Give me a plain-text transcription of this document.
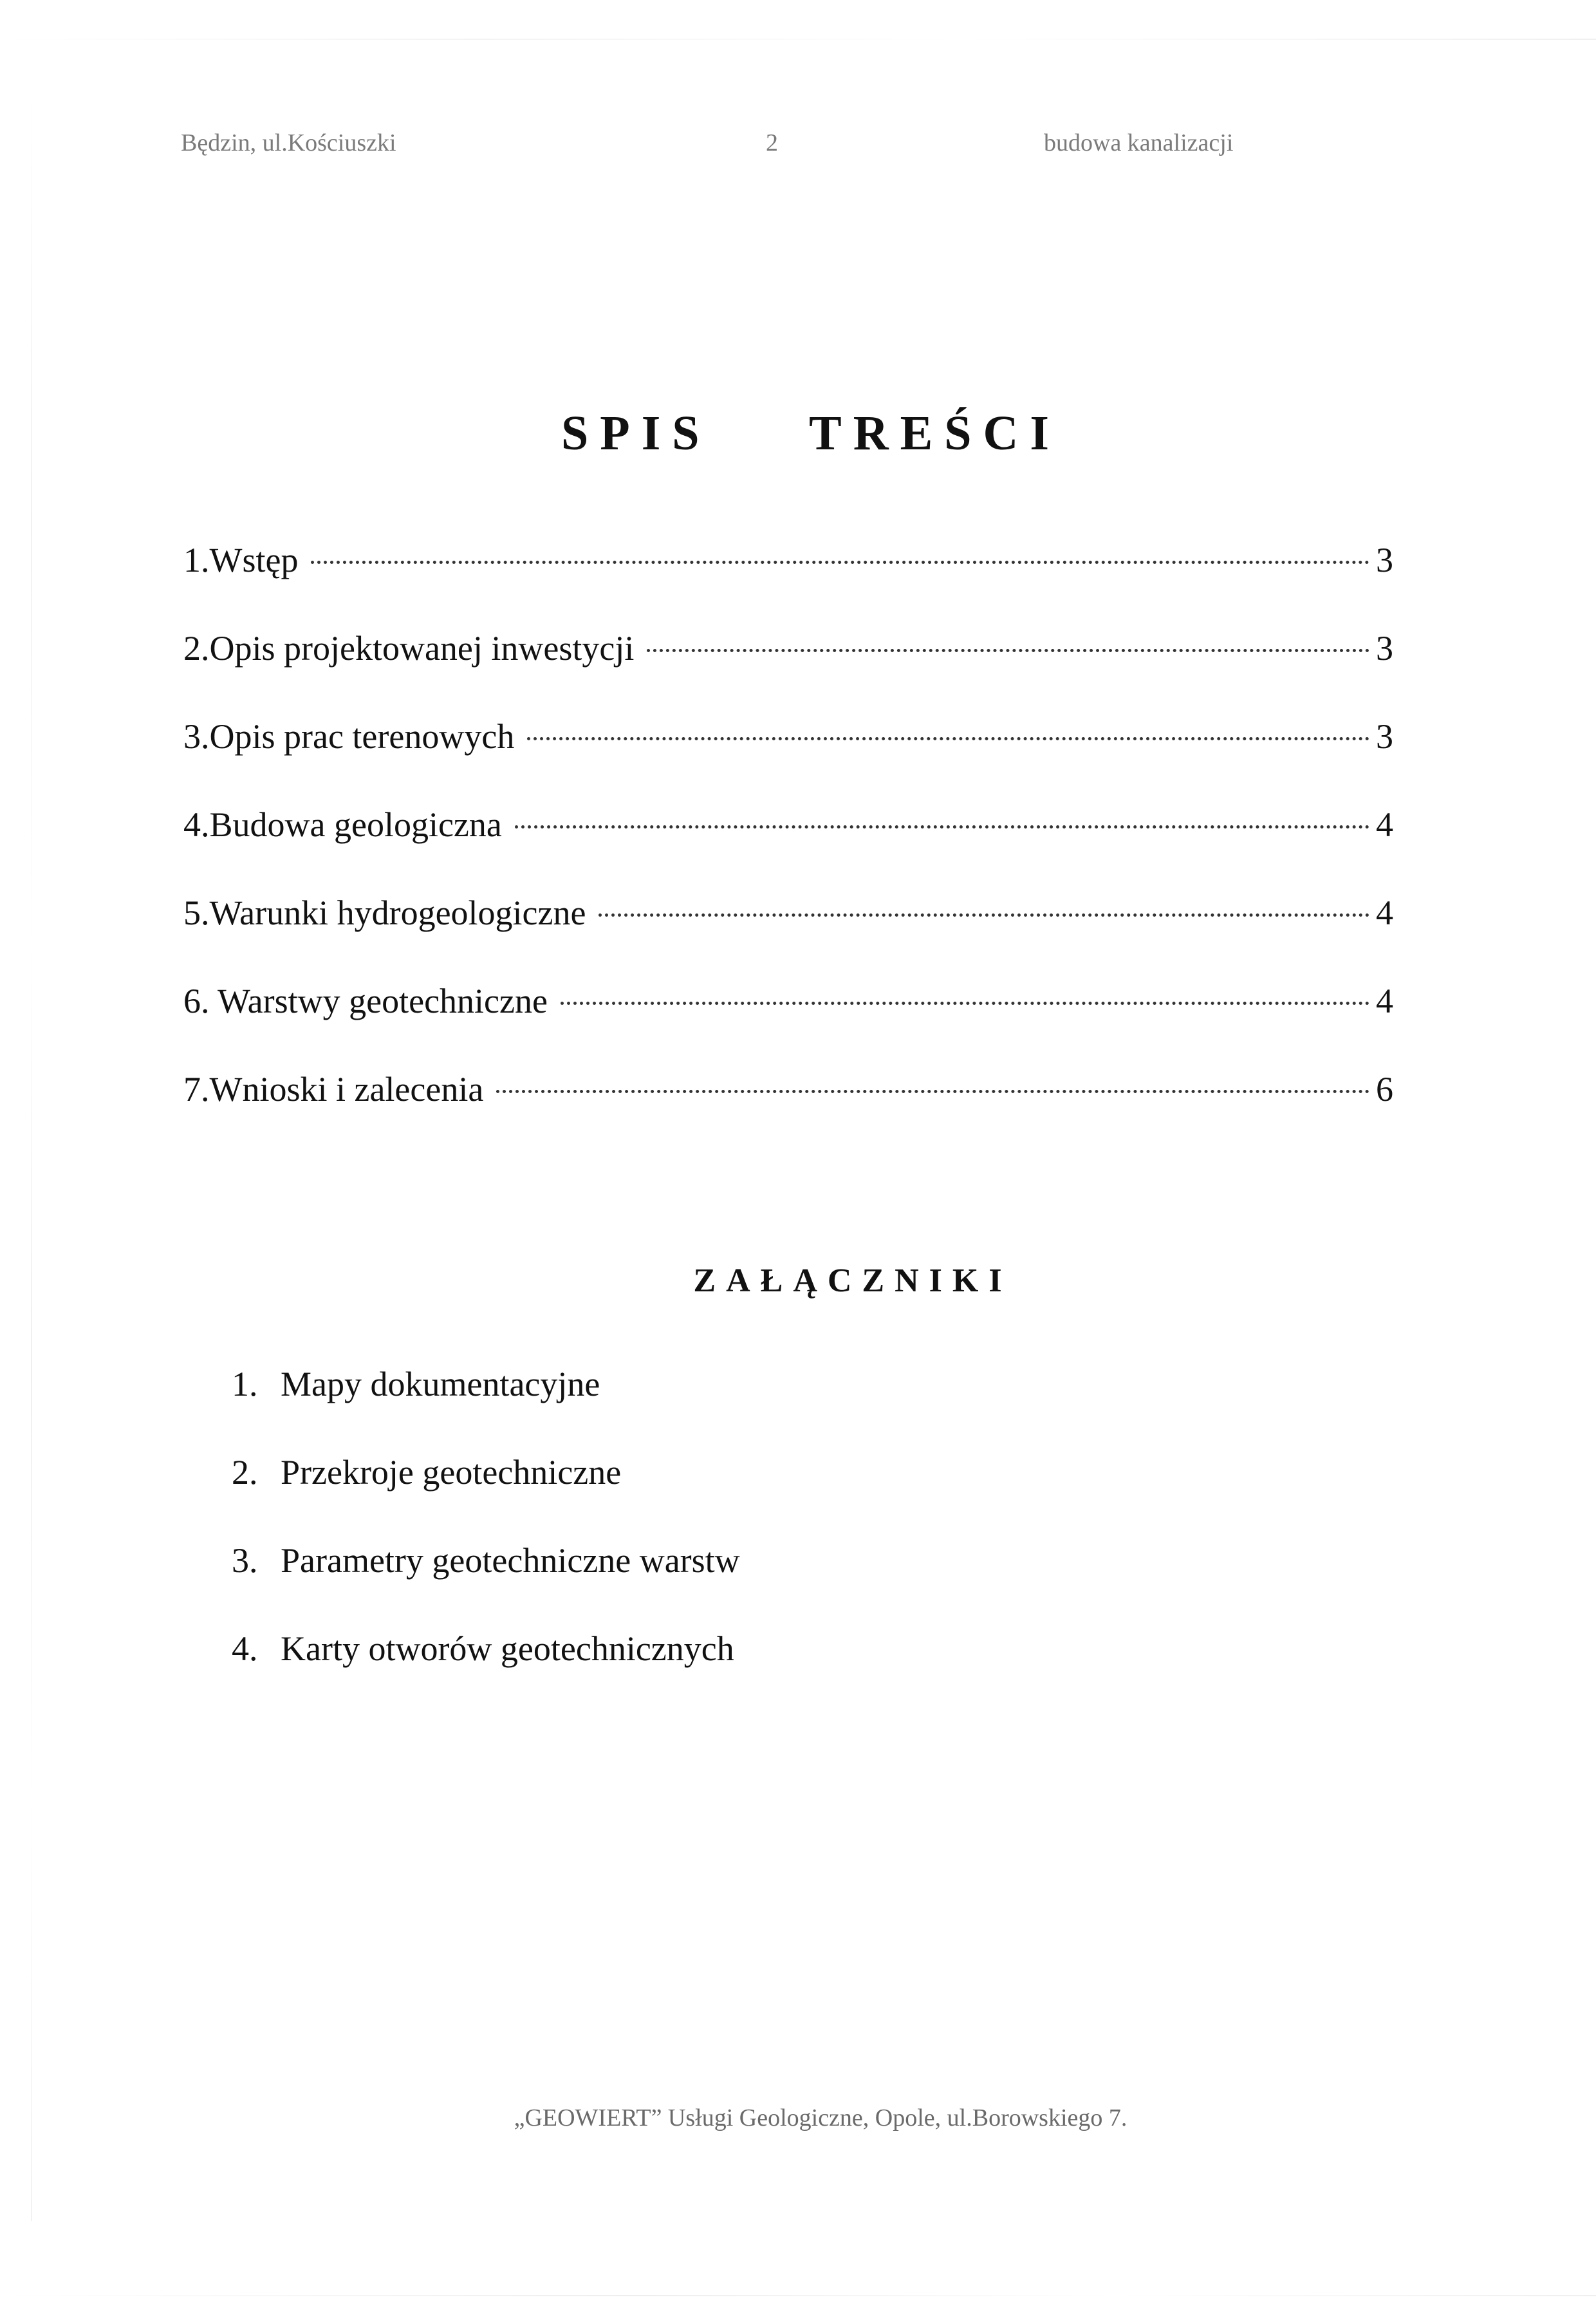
Będzin, ul.Kościuszki	2	budowa kanalizacji
SPIS TREŚCI
1.Wstęp	3
2.Opis projektowanej inwestycji	3
3.Opis prac terenowych	3
4.Budowa geologiczna	4
5.Warunki hydrogeologiczne	4
6. Warstwy geotechniczne	4
7.Wnioski i zalecenia	6
ZAŁĄCZNIKI
1. Mapy dokumentacyjne
2. Przekroje geotechniczne
3. Parametry geotechniczne warstw
4. Karty otworów geotechnicznych
„GEOWIERT” Usługi Geologiczne, Opole, ul.Borowskiego 7.
